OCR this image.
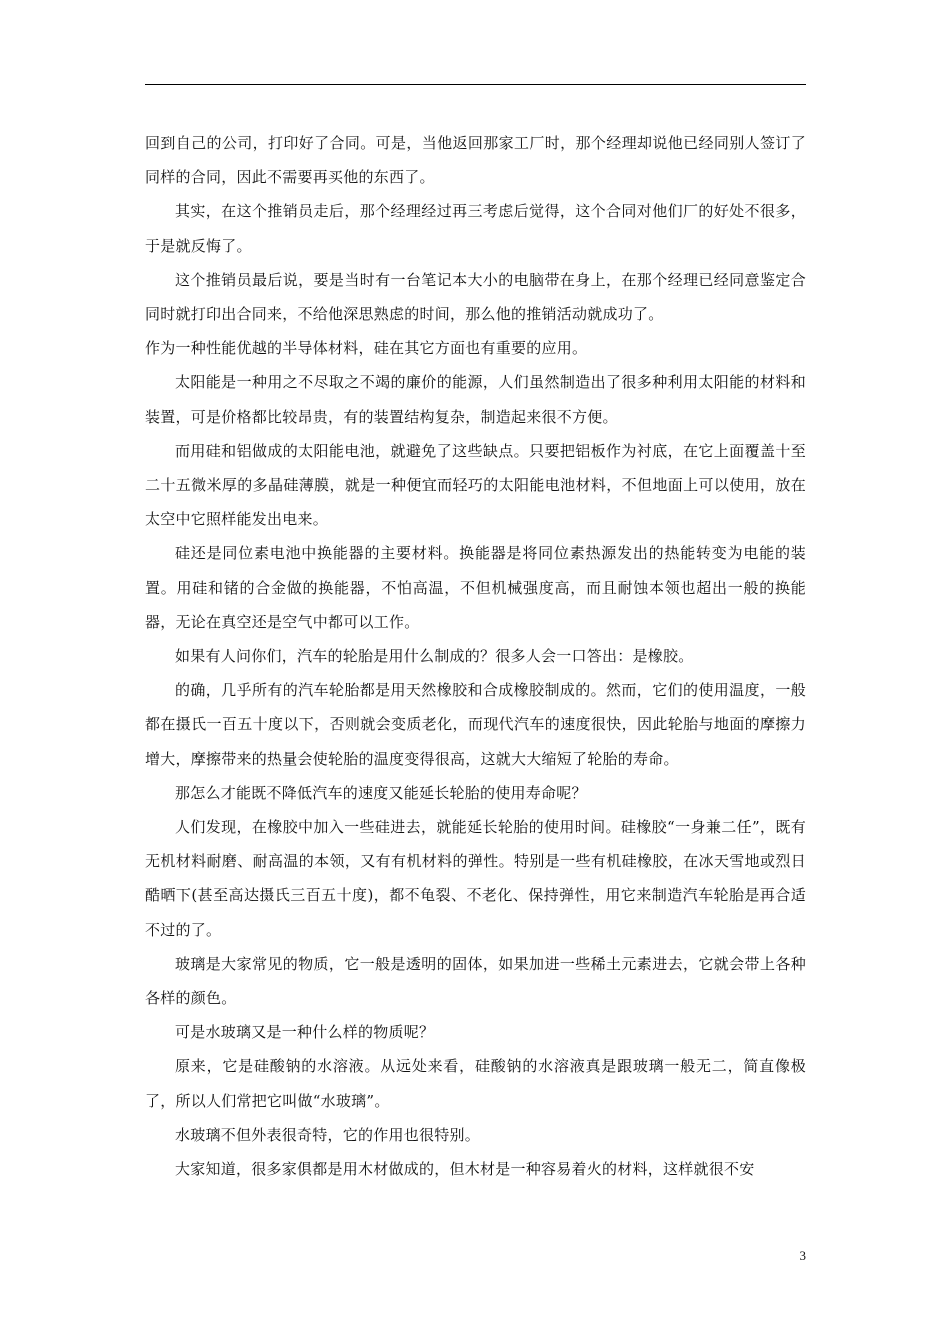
回到自己的公司，打印好了合同。可是，当他返回那家工厂时，那个经理却说他已经同别人签订了同样的合同，因此不需要再买他的东西了。

其实，在这个推销员走后，那个经理经过再三考虑后觉得，这个合同对他们厂的好处不很多，于是就反悔了。

这个推销员最后说，要是当时有一台笔记本大小的电脑带在身上，在那个经理已经同意鉴定合同时就打印出合同来，不给他深思熟虑的时间，那么他的推销活动就成功了。

作为一种性能优越的半导体材料，硅在其它方面也有重要的应用。

太阳能是一种用之不尽取之不竭的廉价的能源，人们虽然制造出了很多种利用太阳能的材料和装置，可是价格都比较昂贵，有的装置结构复杂，制造起来很不方便。

而用硅和铝做成的太阳能电池，就避免了这些缺点。只要把铝板作为衬底，在它上面覆盖十至二十五微米厚的多晶硅薄膜，就是一种便宜而轻巧的太阳能电池材料，不但地面上可以使用，放在太空中它照样能发出电来。

硅还是同位素电池中换能器的主要材料。换能器是将同位素热源发出的热能转变为电能的装置。用硅和锗的合金做的换能器，不怕高温，不但机械强度高，而且耐蚀本领也超出一般的换能器，无论在真空还是空气中都可以工作。

如果有人问你们，汽车的轮胎是用什么制成的？很多人会一口答出：是橡胶。

的确，几乎所有的汽车轮胎都是用天然橡胶和合成橡胶制成的。然而，它们的使用温度，一般都在摄氏一百五十度以下，否则就会变质老化，而现代汽车的速度很快，因此轮胎与地面的摩擦力增大，摩擦带来的热量会使轮胎的温度变得很高，这就大大缩短了轮胎的寿命。

那怎么才能既不降低汽车的速度又能延长轮胎的使用寿命呢？

人们发现，在橡胶中加入一些硅进去，就能延长轮胎的使用时间。硅橡胶“一身兼二任”，既有无机材料耐磨、耐高温的本领，又有有机材料的弹性。特别是一些有机硅橡胶，在冰天雪地或烈日酷晒下(甚至高达摄氏三百五十度)，都不龟裂、不老化、保持弹性，用它来制造汽车轮胎是再合适不过的了。

玻璃是大家常见的物质，它一般是透明的固体，如果加进一些稀土元素进去，它就会带上各种各样的颜色。

可是水玻璃又是一种什么样的物质呢？

原来，它是硅酸钠的水溶液。从远处来看，硅酸钠的水溶液真是跟玻璃一般无二，简直像极了，所以人们常把它叫做“水玻璃”。

水玻璃不但外表很奇特，它的作用也很特别。

大家知道，很多家俱都是用木材做成的，但木材是一种容易着火的材料，这样就很不安

3
